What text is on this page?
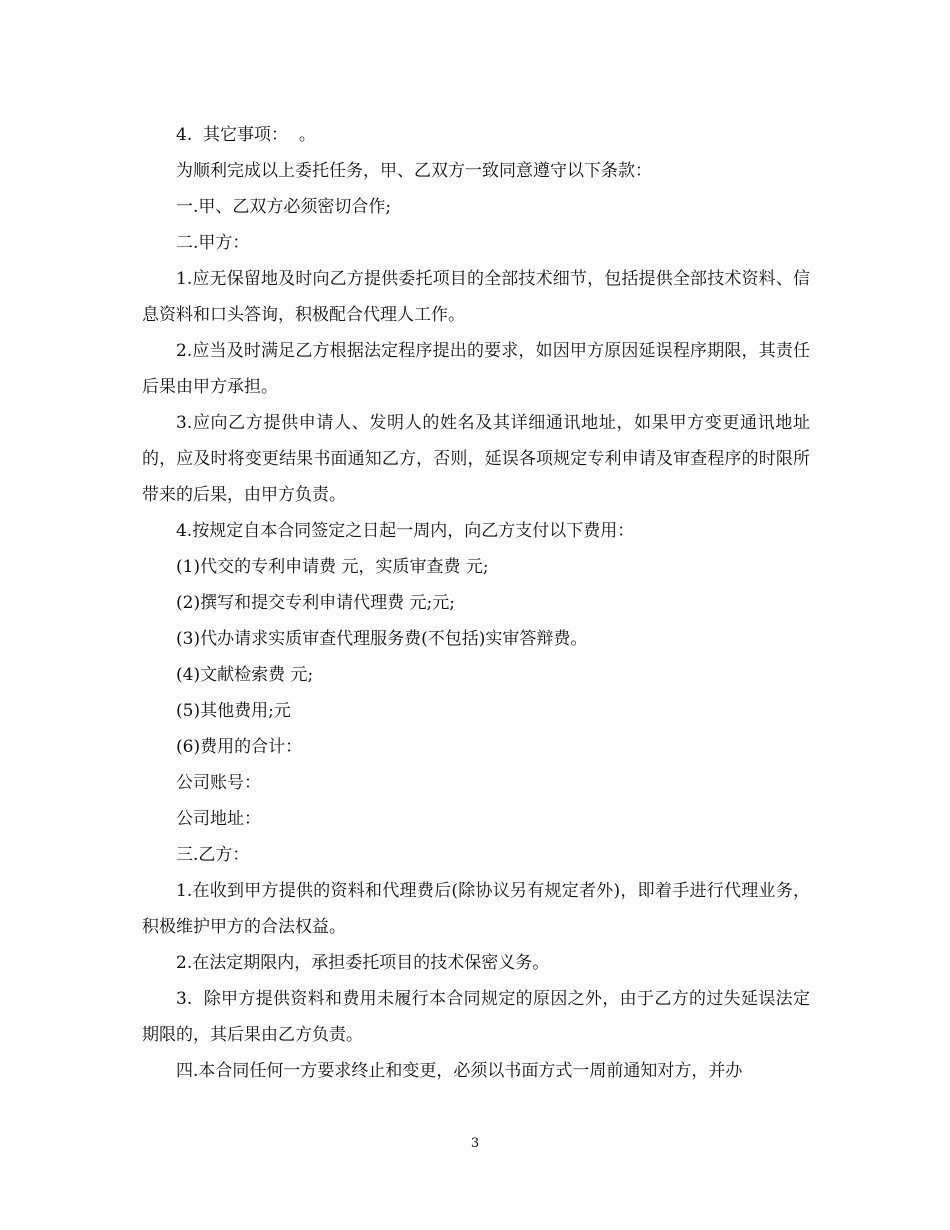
4.  其它事项：  。

为顺利完成以上委托任务，甲、乙双方一致同意遵守以下条款：

一.甲、乙双方必须密切合作;

二.甲方：

1.应无保留地及时向乙方提供委托项目的全部技术细节，包括提供全部技术资料、信息资料和口头答询，积极配合代理人工作。

2.应当及时满足乙方根据法定程序提出的要求，如因甲方原因延误程序期限，其责任后果由甲方承担。

3.应向乙方提供申请人、发明人的姓名及其详细通讯地址，如果甲方变更通讯地址的，应及时将变更结果书面通知乙方，否则，延误各项规定专利申请及审查程序的时限所带来的后果，由甲方负责。

4.按规定自本合同签定之日起一周内，向乙方支付以下费用：

(1)代交的专利申请费 元，实质审查费 元;

(2)撰写和提交专利申请代理费 元;元;

(3)代办请求实质审查代理服务费(不包括)实审答辩费。

(4)文献检索费 元;

(5)其他费用;元

(6)费用的合计：

公司账号：

公司地址：

三.乙方：

1.在收到甲方提供的资料和代理费后(除协议另有规定者外)，即着手进行代理业务，积极维护甲方的合法权益。

2.在法定期限内，承担委托项目的技术保密义务。

3.  除甲方提供资料和费用未履行本合同规定的原因之外，由于乙方的过失延误法定期限的，其后果由乙方负责。

四.本合同任何一方要求终止和变更，必须以书面方式一周前通知对方，并办

3
